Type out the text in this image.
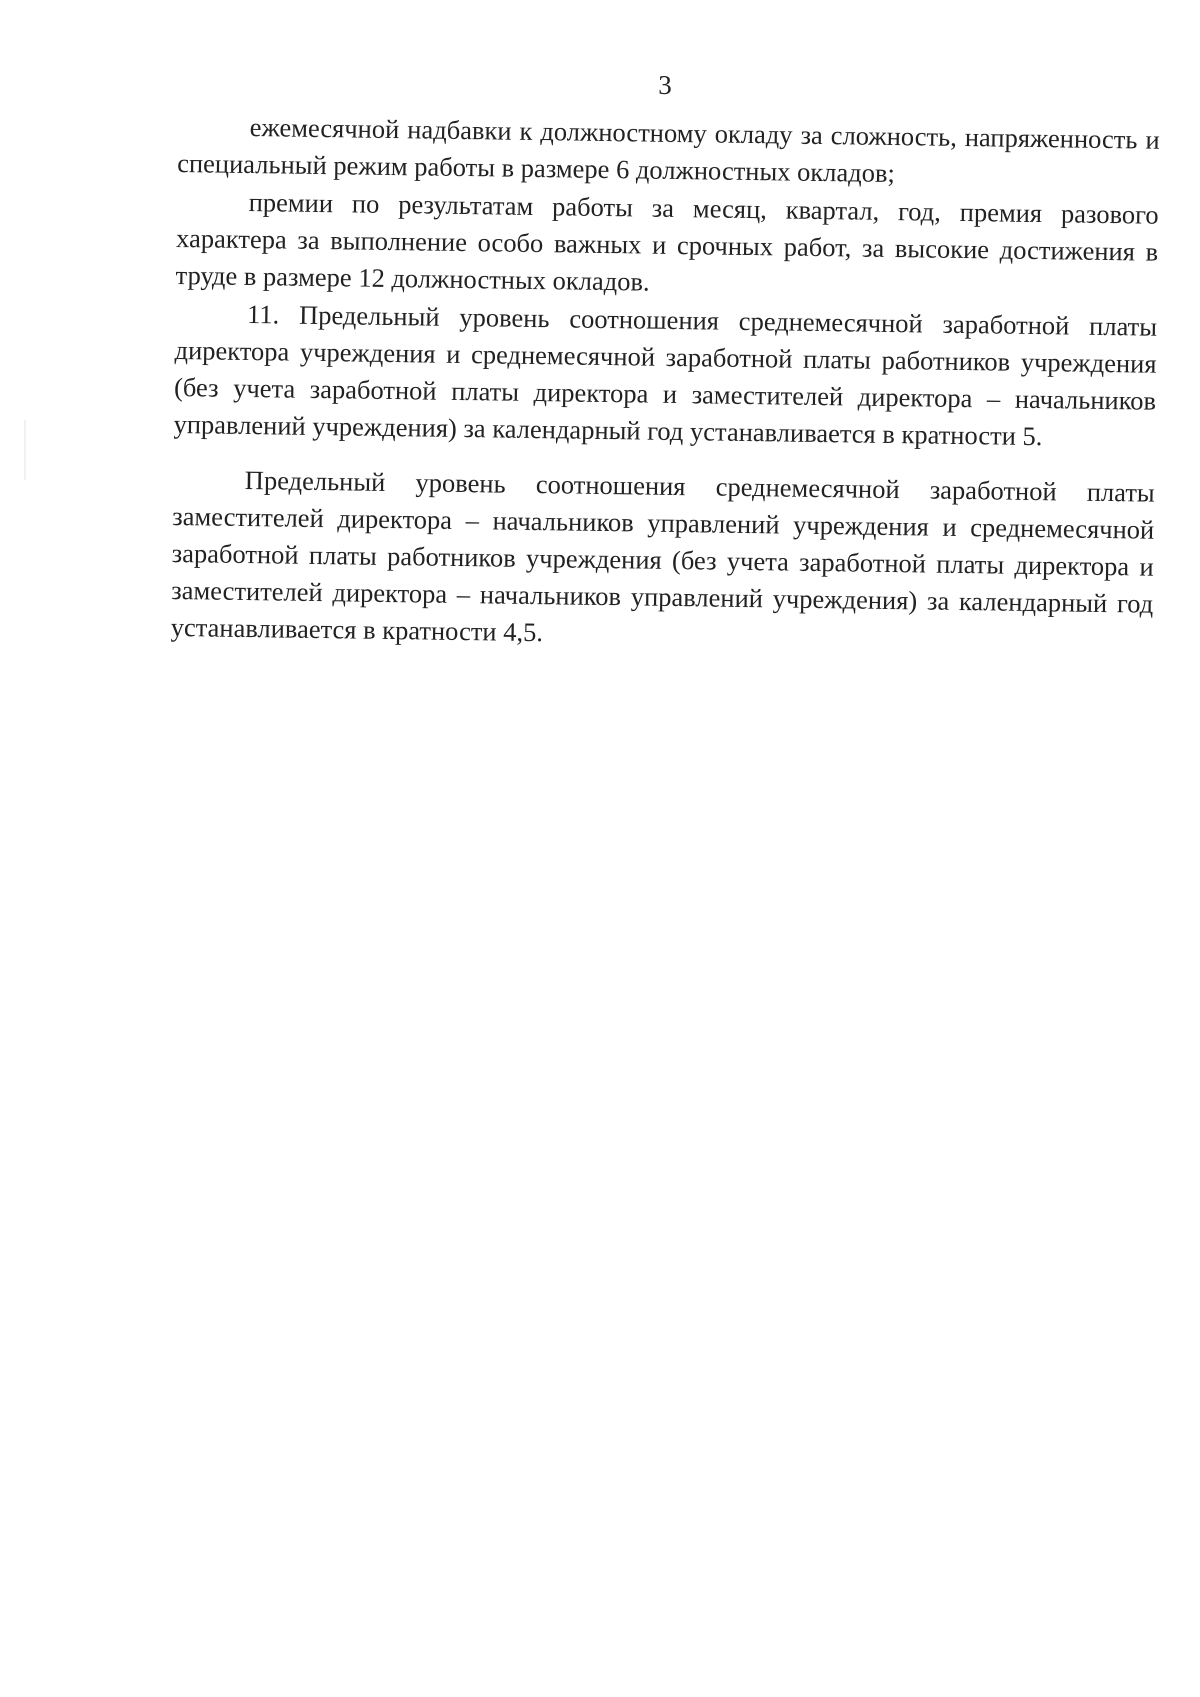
3

ежемесячной надбавки к должностному окладу за сложность, напряженность и специальный режим работы в размере 6 должностных окладов;

премии по результатам работы за месяц, квартал, год, премия разового характера за выполнение особо важных и срочных работ, за высокие достижения в труде в размере 12 должностных окладов.

11. Предельный уровень соотношения среднемесячной заработной платы директора учреждения и среднемесячной заработной платы работников учреждения (без учета заработной платы директора и заместителей директора – начальников управлений учреждения) за календарный год устанавливается в кратности 5.

Предельный уровень соотношения среднемесячной заработной платы заместителей директора – начальников управлений учреждения и среднемесячной заработной платы работников учреждения (без учета заработной платы директора и заместителей директора – начальников управлений учреждения) за календарный год устанавливается в кратности 4,5.
